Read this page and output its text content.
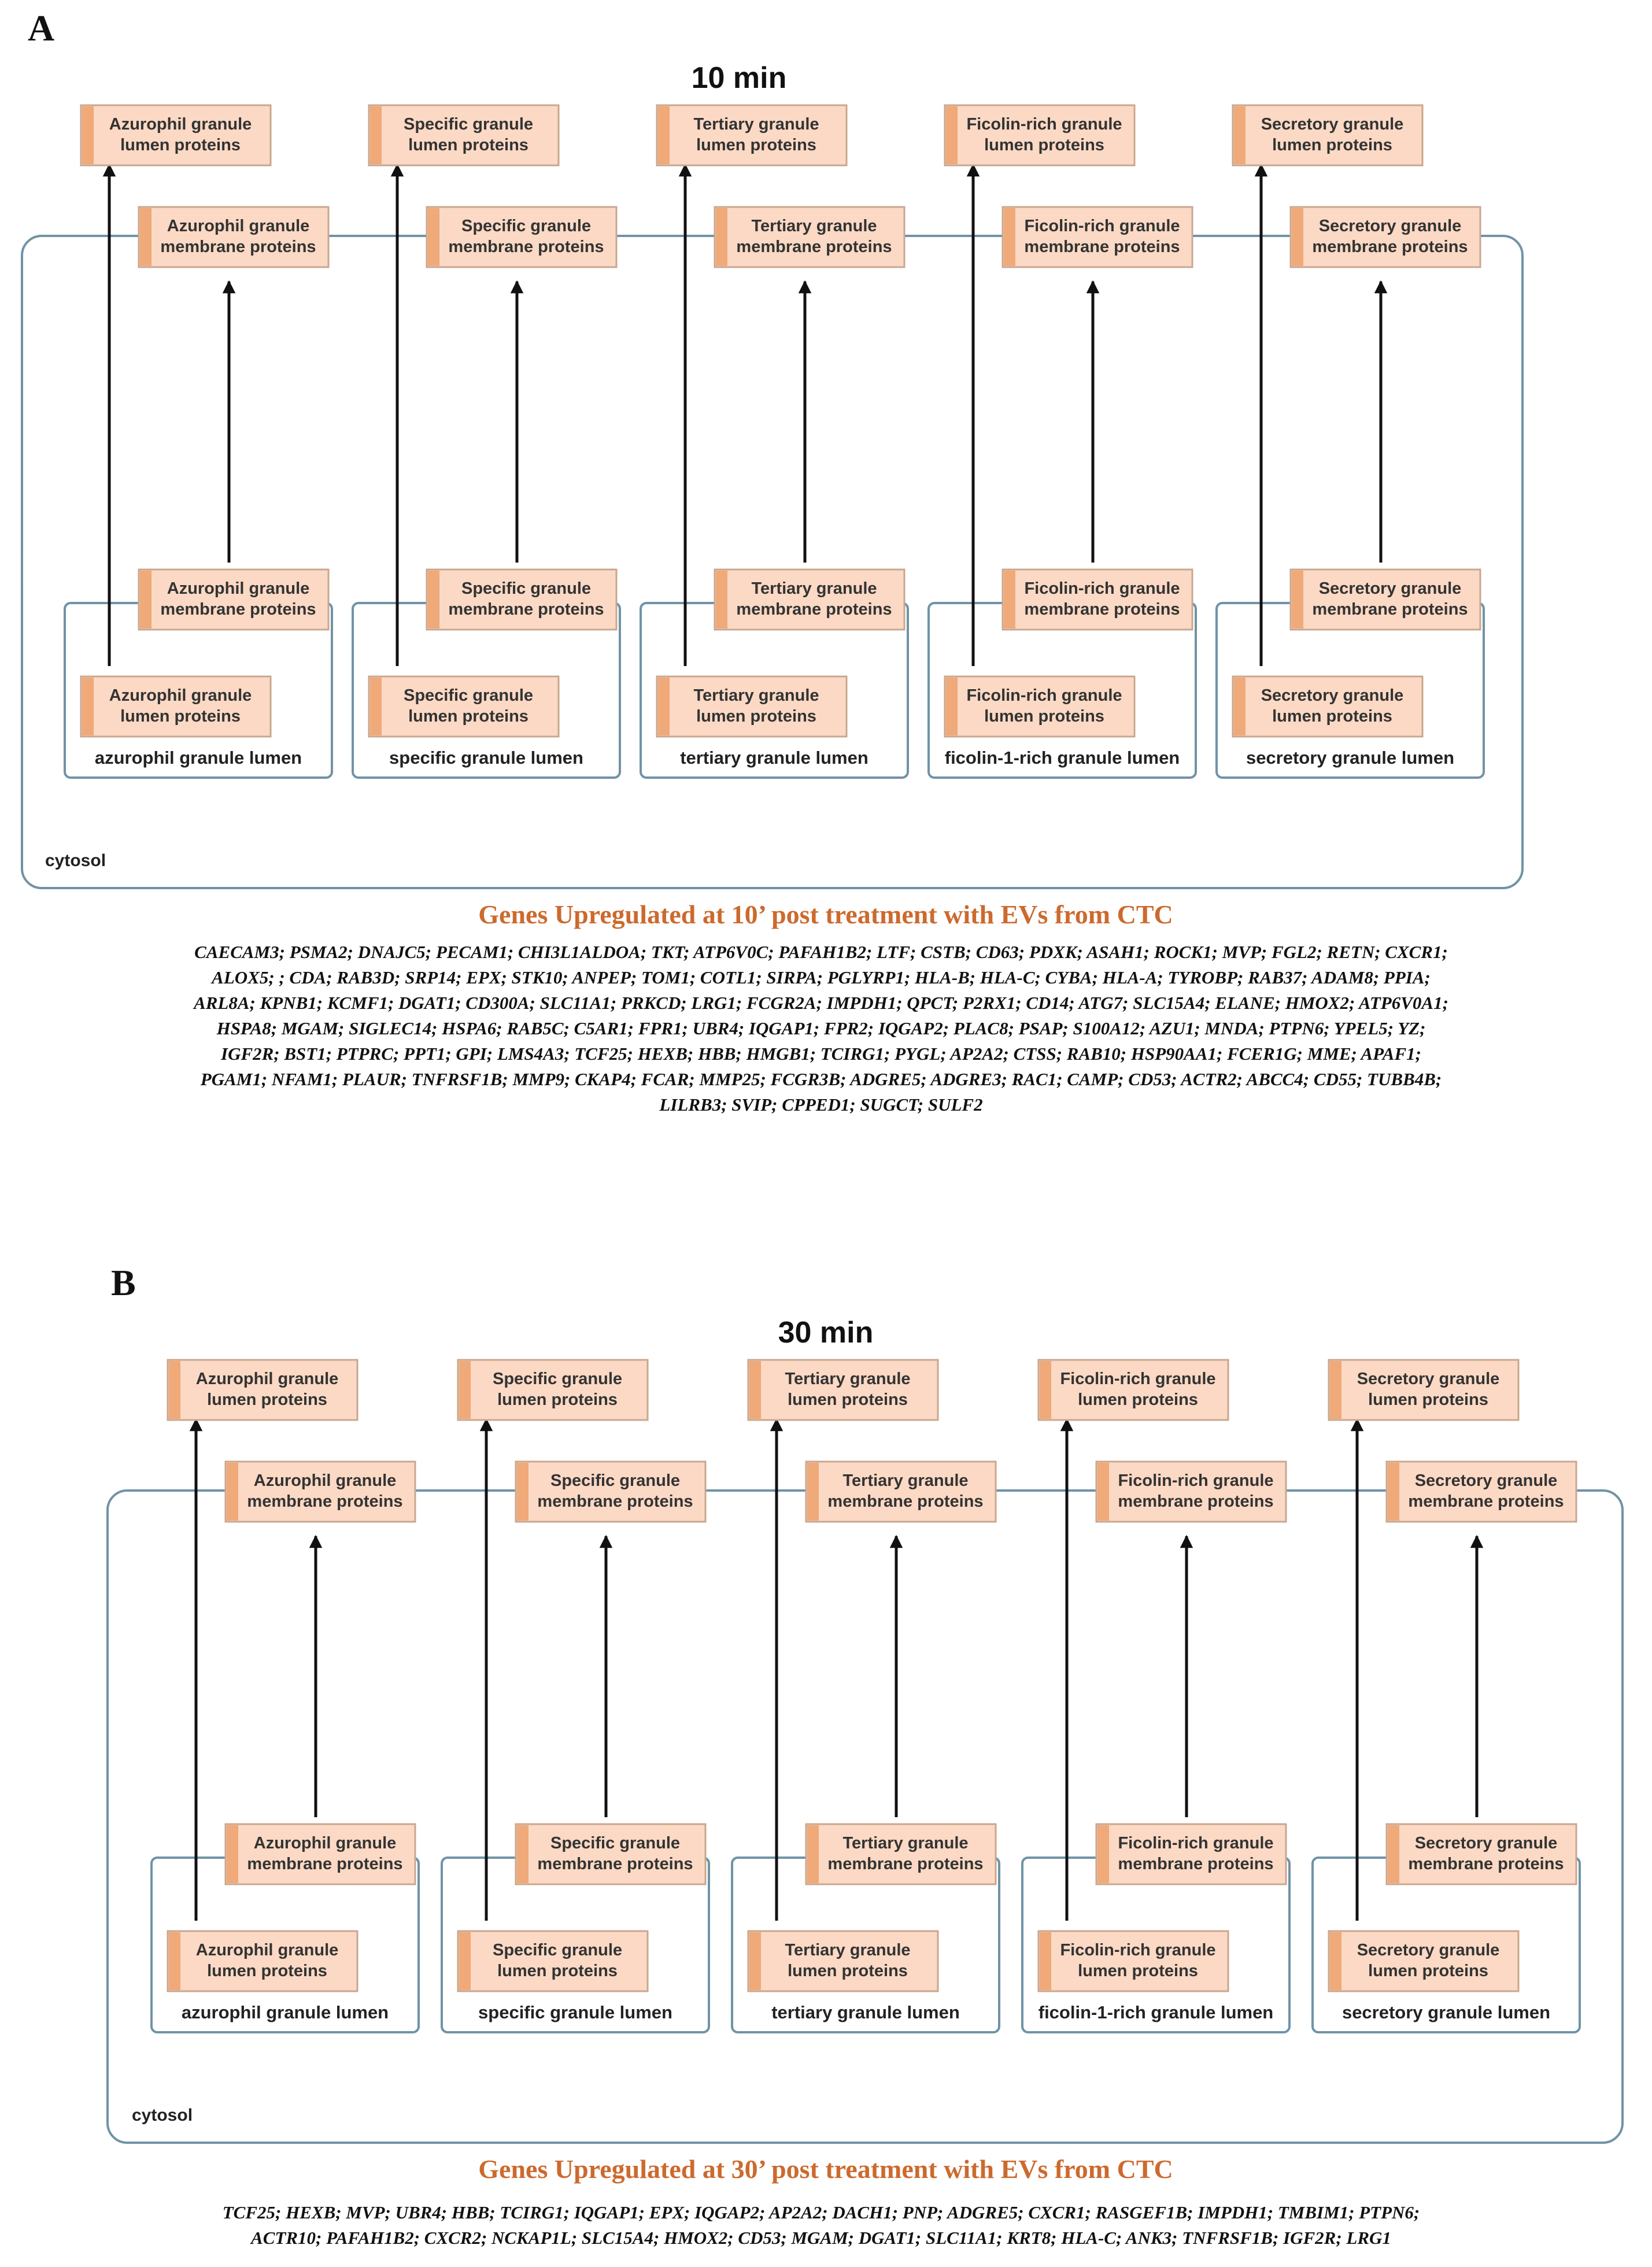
A
10 min
cytosol
azurophil granule lumen
Azurophil granule
lumen proteins
Azurophil granule
membrane proteins
Azurophil granule
membrane proteins
Azurophil granule
lumen proteins
specific granule lumen
Specific granule
lumen proteins
Specific granule
membrane proteins
Specific granule
membrane proteins
Specific granule
lumen proteins
tertiary granule lumen
Tertiary granule
lumen proteins
Tertiary granule
membrane proteins
Tertiary granule
membrane proteins
Tertiary granule
lumen proteins
ficolin-1-rich granule lumen
Ficolin-rich granule
lumen proteins
Ficolin-rich granule
membrane proteins
Ficolin-rich granule
membrane proteins
Ficolin-rich granule
lumen proteins
secretory granule lumen
Secretory granule
lumen proteins
Secretory granule
membrane proteins
Secretory granule
membrane proteins
Secretory granule
lumen proteins
Genes Upregulated at 10’ post treatment with EVs from CTC
B
30 min
cytosol
azurophil granule lumen
Azurophil granule
lumen proteins
Azurophil granule
membrane proteins
Azurophil granule
membrane proteins
Azurophil granule
lumen proteins
specific granule lumen
Specific granule
lumen proteins
Specific granule
membrane proteins
Specific granule
membrane proteins
Specific granule
lumen proteins
tertiary granule lumen
Tertiary granule
lumen proteins
Tertiary granule
membrane proteins
Tertiary granule
membrane proteins
Tertiary granule
lumen proteins
ficolin-1-rich granule lumen
Ficolin-rich granule
lumen proteins
Ficolin-rich granule
membrane proteins
Ficolin-rich granule
membrane proteins
Ficolin-rich granule
lumen proteins
secretory granule lumen
Secretory granule
lumen proteins
Secretory granule
membrane proteins
Secretory granule
membrane proteins
Secretory granule
lumen proteins
Genes Upregulated at 30’ post treatment with EVs from CTC
CAECAM3; PSMA2; DNAJC5; PECAM1; CHI3L1ALDOA; TKT; ATP6V0C; PAFAH1B2; LTF; CSTB; CD63; PDXK; ASAH1; ROCK1; MVP; FGL2; RETN; CXCR1;
ALOX5; ; CDA; RAB3D; SRP14; EPX; STK10; ANPEP; TOM1; COTL1; SIRPA; PGLYRP1; HLA-B; HLA-C; CYBA; HLA-A; TYROBP; RAB37; ADAM8; PPIA;
ARL8A; KPNB1; KCMF1; DGAT1; CD300A; SLC11A1; PRKCD; LRG1; FCGR2A; IMPDH1; QPCT; P2RX1; CD14; ATG7; SLC15A4; ELANE; HMOX2; ATP6V0A1;
HSPA8; MGAM; SIGLEC14; HSPA6; RAB5C; C5AR1; FPR1; UBR4; IQGAP1; FPR2; IQGAP2; PLAC8; PSAP; S100A12; AZU1; MNDA; PTPN6; YPEL5; YZ;
IGF2R; BST1; PTPRC; PPT1; GPI; LMS4A3; TCF25; HEXB; HBB; HMGB1; TCIRG1; PYGL; AP2A2; CTSS; RAB10; HSP90AA1; FCER1G; MME; APAF1;
PGAM1; NFAM1; PLAUR; TNFRSF1B; MMP9; CKAP4; FCAR; MMP25; FCGR3B; ADGRE5; ADGRE3; RAC1; CAMP; CD53; ACTR2; ABCC4; CD55; TUBB4B;
LILRB3; SVIP; CPPED1; SUGCT; SULF2
TCF25; HEXB; MVP; UBR4; HBB; TCIRG1; IQGAP1; EPX; IQGAP2; AP2A2; DACH1; PNP; ADGRE5; CXCR1; RASGEF1B; IMPDH1; TMBIM1; PTPN6;
ACTR10; PAFAH1B2; CXCR2; NCKAP1L; SLC15A4; HMOX2; CD53; MGAM; DGAT1; SLC11A1; KRT8; HLA-C; ANK3; TNFRSF1B; IGF2R; LRG1
